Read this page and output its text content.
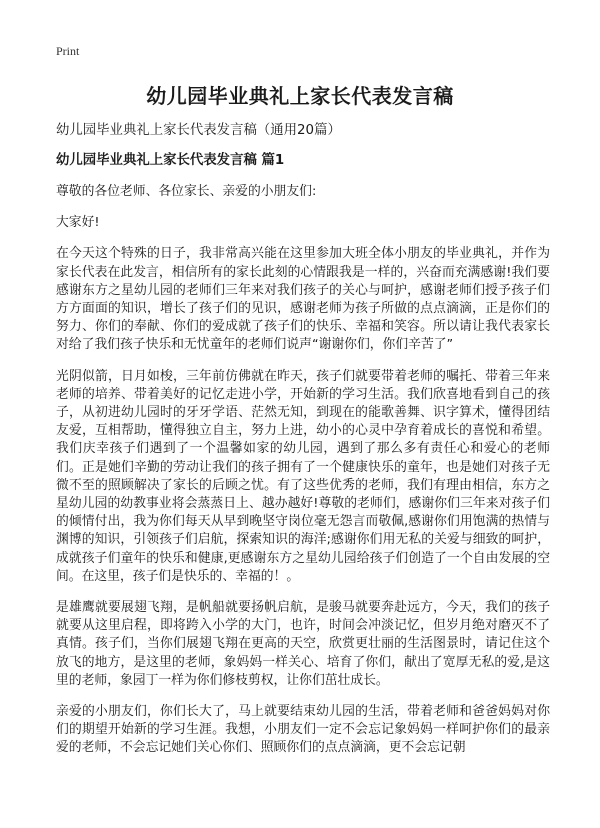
Print
幼儿园毕业典礼上家长代表发言稿

幼儿园毕业典礼上家长代表发言稿（通用20篇）

幼儿园毕业典礼上家长代表发言稿 篇1

尊敬的各位老师、各位家长、亲爱的小朋友们:

大家好!

在今天这个特殊的日子，我非常高兴能在这里参加大班全体小朋友的毕业典礼，并作为家长代表在此发言，相信所有的家长此刻的心情跟我是一样的，兴奋而充满感谢!我们要感谢东方之星幼儿园的老师们三年来对我们孩子的关心与呵护，感谢老师们授予孩子们方方面面的知识，增长了孩子们的见识，感谢老师为孩子所做的点点滴滴，正是你们的努力、你们的奉献、你们的爱成就了孩子们的快乐、幸福和笑容。所以请让我代表家长对给了我们孩子快乐和无忧童年的老师们说声“谢谢你们，你们辛苦了”

光阴似箭，日月如梭，三年前仿佛就在昨天，孩子们就要带着老师的嘱托、带着三年来老师的培养、带着美好的记忆走进小学，开始新的学习生活。我们欣喜地看到自己的孩子，从初进幼儿园时的牙牙学语、茫然无知，到现在的能歌善舞、识字算术，懂得团结友爱，互相帮助，懂得独立自主，努力上进，幼小的心灵中孕育着成长的喜悦和希望。我们庆幸孩子们遇到了一个温馨如家的幼儿园，遇到了那么多有责任心和爱心的老师们。正是她们辛勤的劳动让我们的孩子拥有了一个健康快乐的童年，也是她们对孩子无微不至的照顾解决了家长的后顾之忧。有了这些优秀的老师，我们有理由相信，东方之星幼儿园的幼教事业将会蒸蒸日上、越办越好!尊敬的老师们，感谢你们三年来对孩子们的倾情付出，我为你们每天从早到晚坚守岗位毫无怨言而敬佩,感谢你们用饱满的热情与渊博的知识，引领孩子们启航，探索知识的海洋;感谢你们用无私的关爱与细致的呵护，成就孩子们童年的快乐和健康,更感谢东方之星幼儿园给孩子们创造了一个自由发展的空间。在这里，孩子们是快乐的、幸福的！。

是雄鹰就要展翅飞翔，是帆船就要扬帆启航，是骏马就要奔赴远方，今天，我们的孩子就要从这里启程，即将跨入小学的大门，也许，时间会冲淡记忆，但岁月绝对磨灭不了真情。孩子们，当你们展翅飞翔在更高的天空，欣赏更壮丽的生活图景时，请记住这个放飞的地方，是这里的老师，象妈妈一样关心、培育了你们，献出了宽厚无私的爱,是这里的老师，象园丁一样为你们修枝剪权，让你们茁壮成长。

亲爱的小朋友们，你们长大了，马上就要结束幼儿园的生活，带着老师和爸爸妈妈对你们的期望开始新的学习生涯。我想，小朋友们一定不会忘记象妈妈一样呵护你们的最亲爱的老师，不会忘记她们关心你们、照顾你们的点点滴滴，更不会忘记朝
